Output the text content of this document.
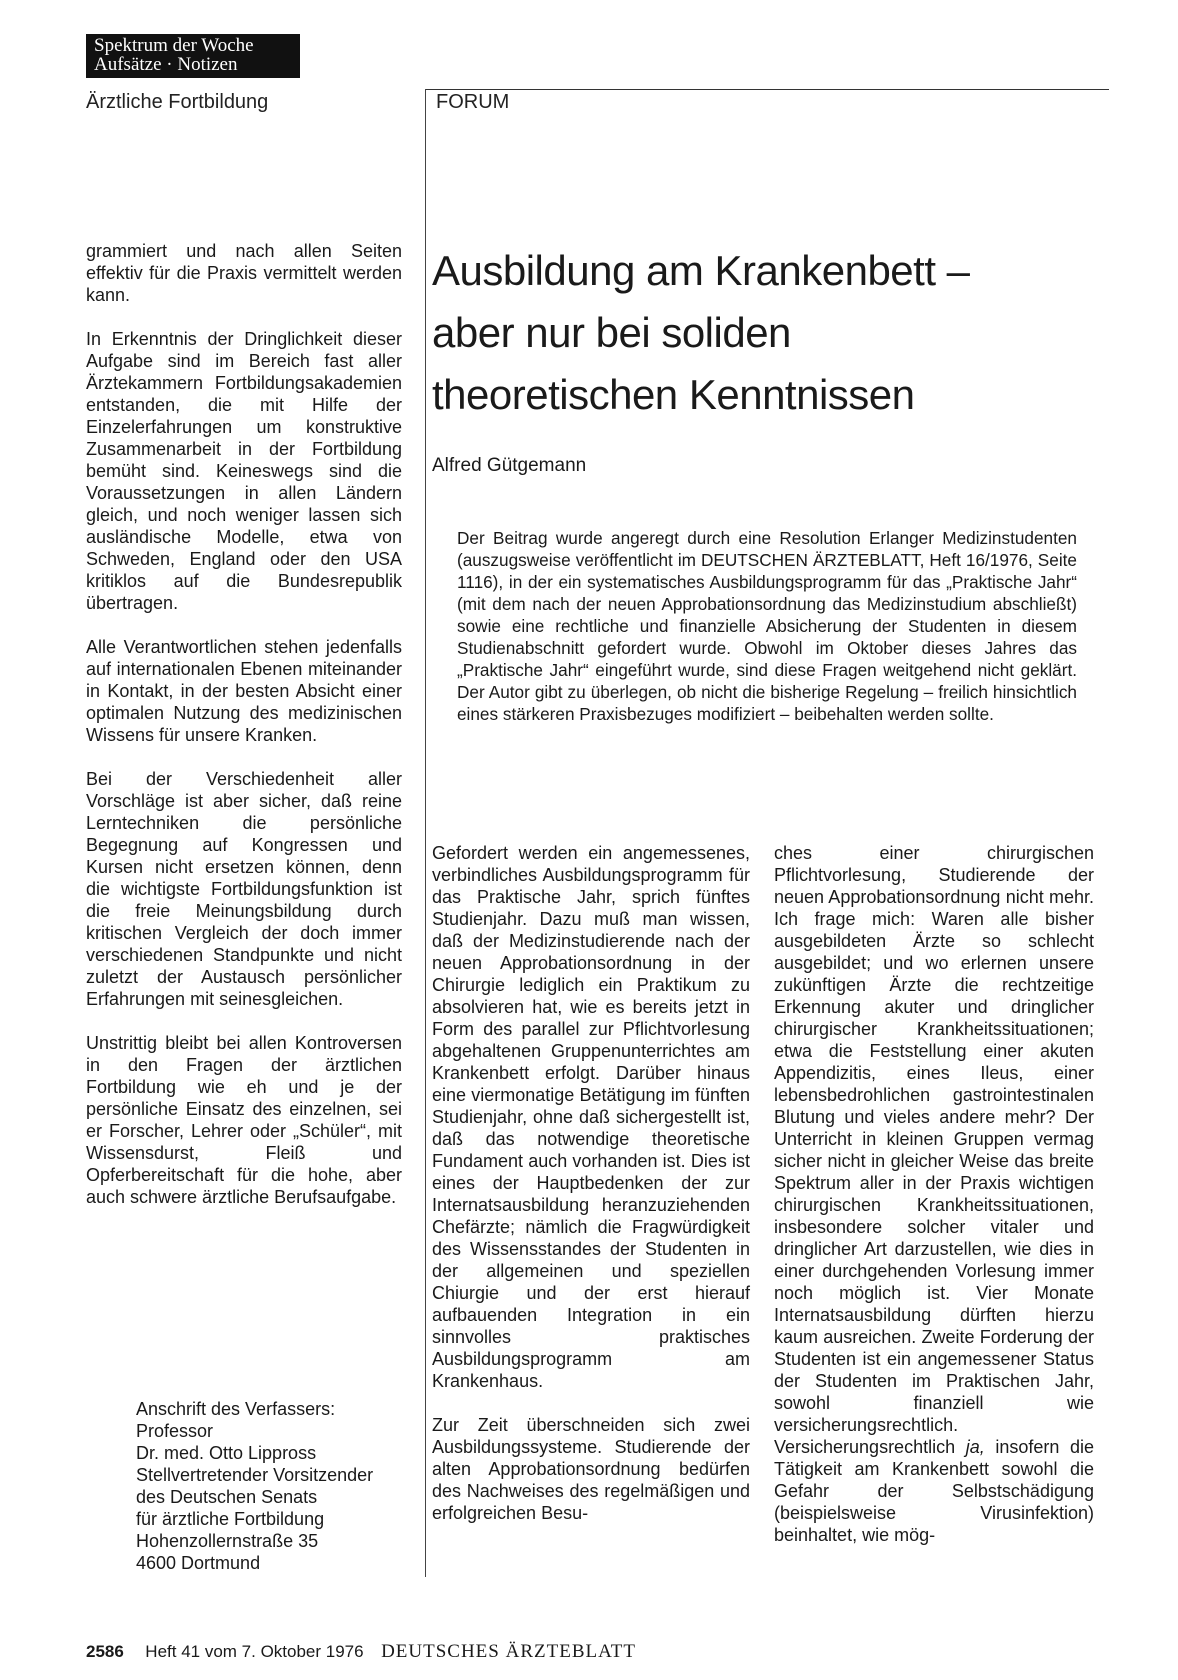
Spektrum der Woche
Aufsätze · Notizen
Ärztliche Fortbildung	FORUM

grammiert und nach allen Seiten effektiv für die Praxis vermittelt werden kann.

In Erkenntnis der Dringlichkeit dieser Aufgabe sind im Bereich fast aller Ärztekammern Fortbildungsakademien entstanden, die mit Hilfe der Einzelerfahrungen um konstruktive Zusammenarbeit in der Fortbildung bemüht sind. Keineswegs sind die Voraussetzungen in allen Ländern gleich, und noch weniger lassen sich ausländische Modelle, etwa von Schweden, England oder den USA kritiklos auf die Bundesrepublik übertragen.

Alle Verantwortlichen stehen jedenfalls auf internationalen Ebenen miteinander in Kontakt, in der besten Absicht einer optimalen Nutzung des medizinischen Wissens für unsere Kranken.

Bei der Verschiedenheit aller Vorschläge ist aber sicher, daß reine Lerntechniken die persönliche Begegnung auf Kongressen und Kursen nicht ersetzen können, denn die wichtigste Fortbildungsfunktion ist die freie Meinungsbildung durch kritischen Vergleich der doch immer verschiedenen Standpunkte und nicht zuletzt der Austausch persönlicher Erfahrungen mit seinesgleichen.

Unstrittig bleibt bei allen Kontroversen in den Fragen der ärztlichen Fortbildung wie eh und je der persönliche Einsatz des einzelnen, sei er Forscher, Lehrer oder „Schüler“, mit Wissensdurst, Fleiß und Opferbereitschaft für die hohe, aber auch schwere ärztliche Berufsaufgabe.

Anschrift des Verfassers:
Professor
Dr. med. Otto Lippross
Stellvertretender Vorsitzender
des Deutschen Senats
für ärztliche Fortbildung
Hohenzollernstraße 35
4600 Dortmund
Ausbildung am Krankenbett –
aber nur bei soliden
theoretischen Kenntnissen
Alfred Gütgemann
Der Beitrag wurde angeregt durch eine Resolution Erlanger Medizinstudenten (auszugsweise veröffentlicht im DEUTSCHEN ÄRZTEBLATT, Heft 16/1976, Seite 1116), in der ein systematisches Ausbildungsprogramm für das „Praktische Jahr“ (mit dem nach der neuen Approbationsordnung das Medizinstudium abschließt) sowie eine rechtliche und finanzielle Absicherung der Studenten in diesem Studienabschnitt gefordert wurde. Obwohl im Oktober dieses Jahres das „Praktische Jahr“ eingeführt wurde, sind diese Fragen weitgehend nicht geklärt. Der Autor gibt zu überlegen, ob nicht die bisherige Regelung – freilich hinsichtlich eines stärkeren Praxisbezuges modifiziert – beibehalten werden sollte.

Gefordert werden ein angemessenes, verbindliches Ausbildungsprogramm für das Praktische Jahr, sprich fünftes Studienjahr. Dazu muß man wissen, daß der Medizinstudierende nach der neuen Approbationsordnung in der Chirurgie lediglich ein Praktikum zu absolvieren hat, wie es bereits jetzt in Form des parallel zur Pflichtvorlesung abgehaltenen Gruppenunterrichtes am Krankenbett erfolgt. Darüber hinaus eine viermonatige Betätigung im fünften Studienjahr, ohne daß sichergestellt ist, daß das notwendige theoretische Fundament auch vorhanden ist. Dies ist eines der Hauptbedenken der zur Internatsausbildung heranzuziehenden Chefärzte; nämlich die Fragwürdigkeit des Wissensstandes der Studenten in der allgemeinen und speziellen Chiurgie und der erst hierauf aufbauenden Integration in ein sinnvolles praktisches Ausbildungsprogramm am Krankenhaus.

Zur Zeit überschneiden sich zwei Ausbildungssysteme. Studierende der alten Approbationsordnung bedürfen des Nachweises des regelmäßigen und erfolgreichen Besu-

ches einer chirurgischen Pflichtvorlesung, Studierende der neuen Approbationsordnung nicht mehr. Ich frage mich: Waren alle bisher ausgebildeten Ärzte so schlecht ausgebildet; und wo erlernen unsere zukünftigen Ärzte die rechtzeitige Erkennung akuter und dringlicher chirurgischer Krankheitssituationen; etwa die Feststellung einer akuten Appendizitis, eines Ileus, einer lebensbedrohlichen gastrointestinalen Blutung und vieles andere mehr? Der Unterricht in kleinen Gruppen vermag sicher nicht in gleicher Weise das breite Spektrum aller in der Praxis wichtigen chirurgischen Krankheitssituationen, insbesondere solcher vitaler und dringlicher Art darzustellen, wie dies in einer durchgehenden Vorlesung immer noch möglich ist. Vier Monate Internatsausbildung dürften hierzu kaum ausreichen. Zweite Forderung der Studenten ist ein angemessener Status der Studenten im Praktischen Jahr, sowohl finanziell wie versicherungsrechtlich. Versicherungsrechtlich ja, insofern die Tätigkeit am Krankenbett sowohl die Gefahr der Selbstschädigung (beispielsweise Virusinfektion) beinhaltet, wie mög-

2586 Heft 41 vom 7. Oktober 1976 DEUTSCHES ÄRZTEBLATT
